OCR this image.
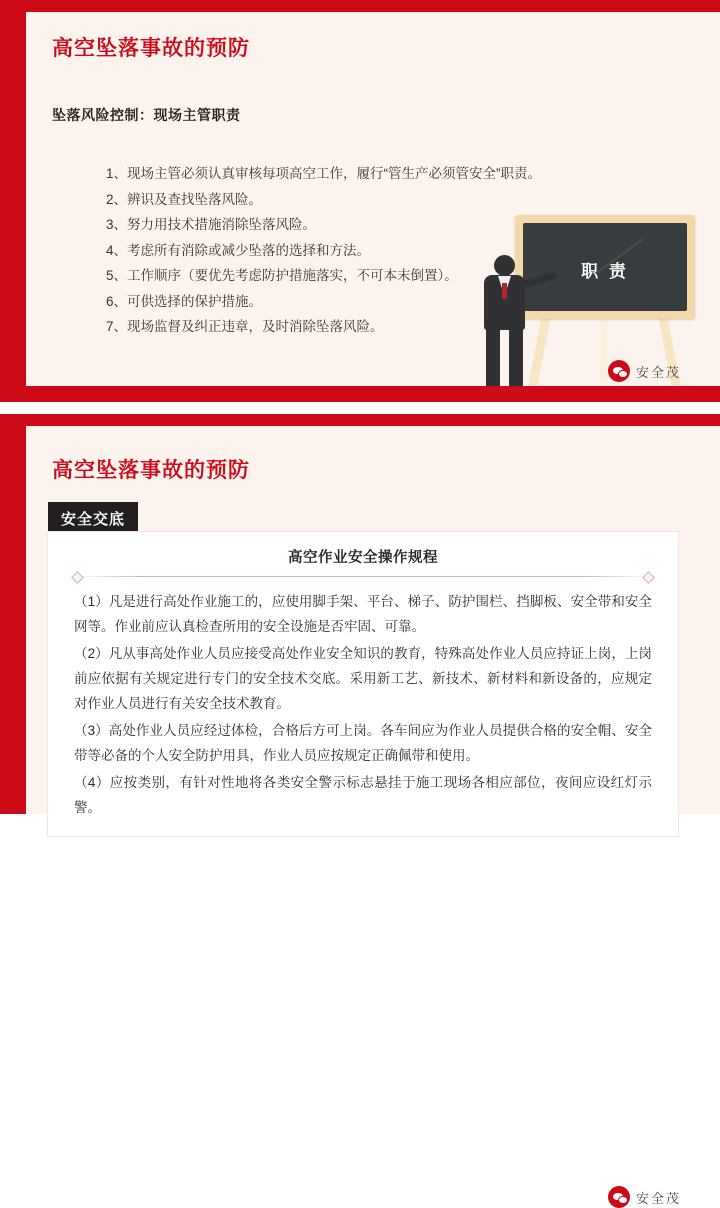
高空坠落事故的预防
坠落风险控制：现场主管职责
1、现场主管必须认真审核每项高空工作，履行“管生产必须管安全”职责。
2、辨识及查找坠落风险。
3、努力用技术措施消除坠落风险。
4、考虑所有消除或减少坠落的选择和方法。
5、工作顺序（要优先考虑防护措施落实，不可本末倒置）。
6、可供选择的保护措施。
7、现场监督及纠正违章，及时消除坠落风险。
职 责
安全茂
高空坠落事故的预防
安全交底
高空作业安全操作规程

（1）凡是进行高处作业施工的，应使用脚手架、平台、梯子、防护围栏、挡脚板、安全带和安全网等。作业前应认真检查所用的安全设施是否牢固、可靠。

（2）凡从事高处作业人员应接受高处作业安全知识的教育，特殊高处作业人员应持证上岗，上岗前应依据有关规定进行专门的安全技术交底。采用新工艺、新技术、新材料和新设备的，应规定对作业人员进行有关安全技术教育。

（3）高处作业人员应经过体检，合格后方可上岗。各车间应为作业人员提供合格的安全帽、安全带等必备的个人安全防护用具，作业人员应按规定正确佩带和使用。

（4）应按类别，有针对性地将各类安全警示标志悬挂于施工现场各相应部位，夜间应设红灯示警。

安全茂
